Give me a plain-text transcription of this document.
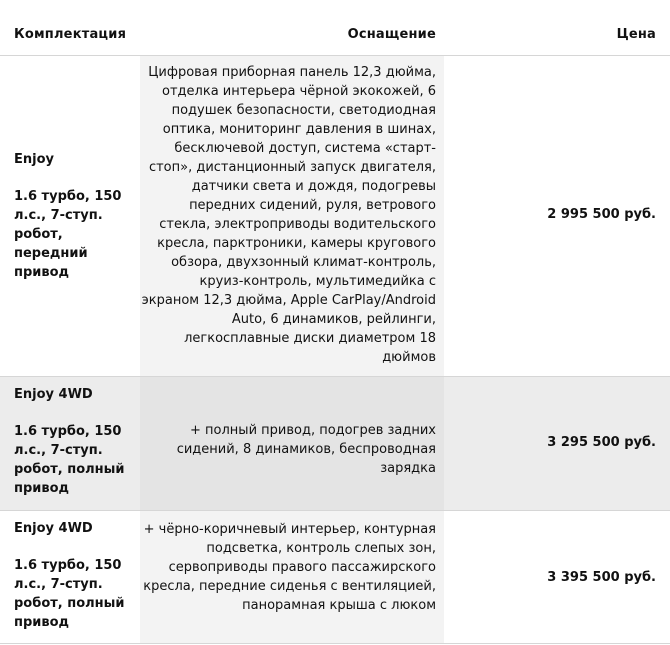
Комплектация	Оснащение	Цена
Enjoy
1.6 турбо, 150 л.с., 7-ступ. робот, передний привод
Цифровая приборная панель 12,3 дюйма, отделка интерьера чёрной экокожей, 6 подушек безопасности, светодиодная оптика, мониторинг давления в шинах, бесключевой доступ, система «старт-стоп», дистанционный запуск двигателя, датчики света и дождя, подогревы передних сидений, руля, ветрового стекла, электроприводы водительского кресла, парктроники, камеры кругового обзора, двухзонный климат-контроль, круиз-контроль, мультимедийка с экраном 12,3 дюйма, Apple CarPlay/Android Auto, 6 динамиков, рейлинги, легкосплавные диски диаметром 18 дюймов
2 995 500 руб.
Enjoy 4WD
1.6 турбо, 150 л.с., 7-ступ. робот, полный привод
+ полный привод, подогрев задних сидений, 8 динамиков, беспроводная зарядка
3 295 500 руб.
Enjoy 4WD
1.6 турбо, 150 л.с., 7-ступ. робот, полный привод
+ чёрно-коричневый интерьер, контурная подсветка, контроль слепых зон, сервоприводы правого пассажирского кресла, передние сиденья с вентиляцией, панорамная крыша с люком
3 395 500 руб.
